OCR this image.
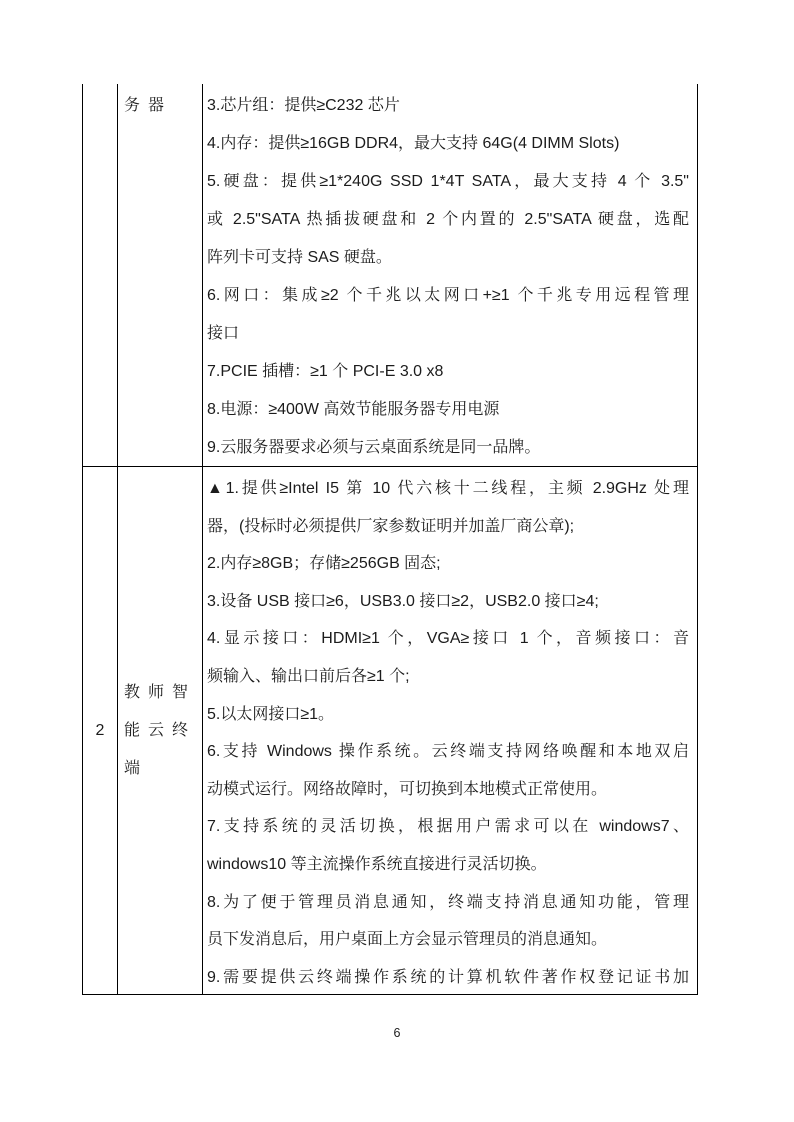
务器	3.芯片组：提供≥C232 芯片
4.内存：提供≥16GB DDR4，最大支持 64G(4 DIMM Slots)
5.硬盘：提供≥1*240G SSD 1*4T SATA，最大支持 4 个 3.5"
或 2.5"SATA 热插拔硬盘和 2 个内置的 2.5"SATA 硬盘，选配
阵列卡可支持 SAS 硬盘。
6.网口：集成≥2 个千兆以太网口+≥1 个千兆专用远程管理
接口
7.PCIE 插槽：≥1 个 PCI-E 3.0 x8
8.电源：≥400W 高效节能服务器专用电源
9.云服务器要求必须与云桌面系统是同一品牌。
2
教师智
能云终
端
▲1.提供≥Intel I5 第 10 代六核十二线程，主频 2.9GHz 处理
器，(投标时必须提供厂家参数证明并加盖厂商公章);
2.内存≥8GB；存储≥256GB 固态;
3.设备 USB 接口≥6，USB3.0 接口≥2，USB2.0 接口≥4;
4.显示接口：HDMI≥1 个，VGA≥接口 1 个，音频接口：音
频输入、输出口前后各≥1 个;
5.以太网接口≥1。
6.支持 Windows 操作系统。云终端支持网络唤醒和本地双启
动模式运行。网络故障时，可切换到本地模式正常使用。
7.支持系统的灵活切换，根据用户需求可以在 windows7、
windows10 等主流操作系统直接进行灵活切换。
8.为了便于管理员消息通知，终端支持消息通知功能，管理
员下发消息后，用户桌面上方会显示管理员的消息通知。
9.需要提供云终端操作系统的计算机软件著作权登记证书加
6
